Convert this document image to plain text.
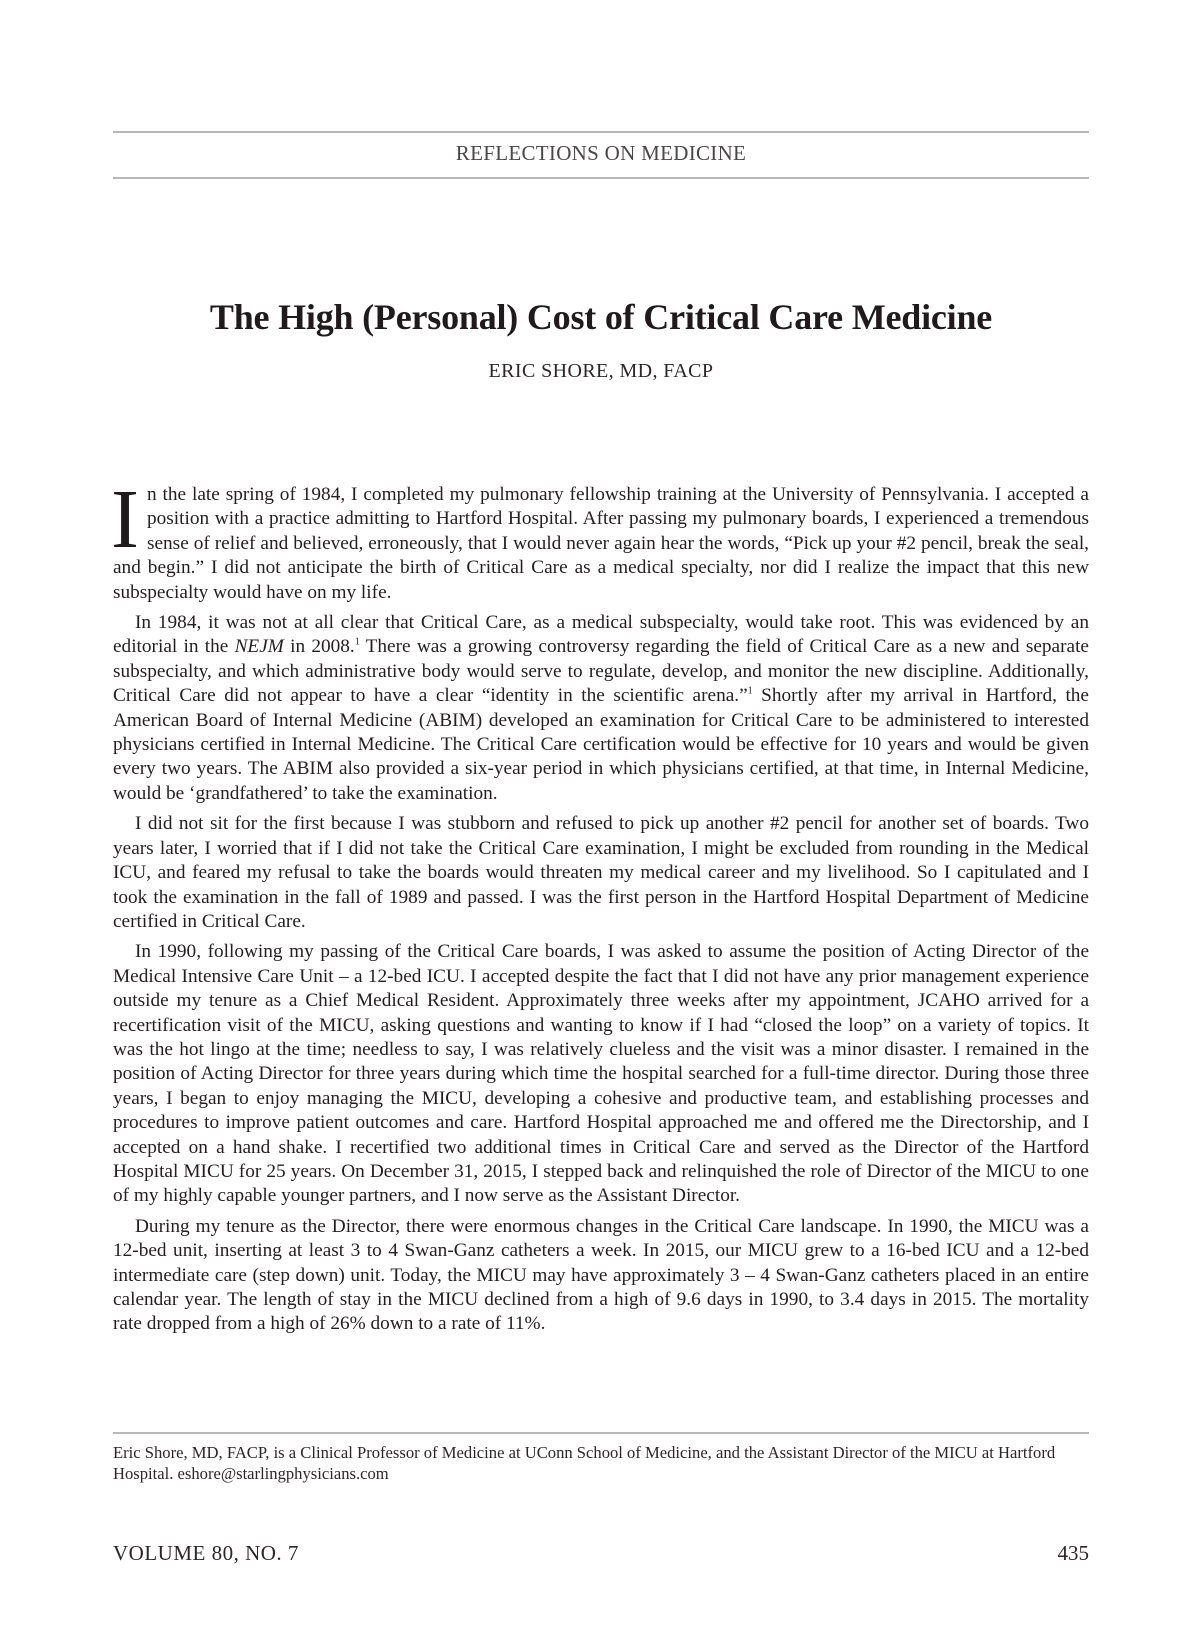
REFLECTIONS ON MEDICINE
The High (Personal) Cost of Critical Care Medicine
ERIC SHORE, MD, FACP

In the late spring of 1984, I completed my pulmonary fellowship training at the University of Pennsylvania. I accepted a position with a practice admitting to Hartford Hospital. After passing my pulmonary boards, I experienced a tremendous sense of relief and believed, erroneously, that I would never again hear the words, “Pick up your #2 pencil, break the seal, and begin.” I did not anticipate the birth of Critical Care as a medical specialty, nor did I realize the impact that this new subspecialty would have on my life.

In 1984, it was not at all clear that Critical Care, as a medical subspecialty, would take root. This was evidenced by an editorial in the NEJM in 2008.$^1$ There was a growing controversy regarding the field of Critical Care as a new and separate subspecialty, and which administrative body would serve to regulate, develop, and monitor the new discipline. Additionally, Critical Care did not appear to have a clear “identity in the scientific arena.”$^1$ Shortly after my arrival in Hartford, the American Board of Internal Medicine (ABIM) developed an examination for Critical Care to be administered to interested physicians certified in Internal Medicine. The Critical Care certification would be effective for 10 years and would be given every two years. The ABIM also provided a six-year period in which physicians certified, at that time, in Internal Medicine, would be ‘grandfathered’ to take the examination.

I did not sit for the first because I was stubborn and refused to pick up another #2 pencil for another set of boards. Two years later, I worried that if I did not take the Critical Care examination, I might be excluded from rounding in the Medical ICU, and feared my refusal to take the boards would threaten my medical career and my livelihood. So I capitulated and I took the examination in the fall of 1989 and passed. I was the first person in the Hartford Hospital Department of Medicine certified in Critical Care.

In 1990, following my passing of the Critical Care boards, I was asked to assume the position of Acting Director of the Medical Intensive Care Unit – a 12-bed ICU. I accepted despite the fact that I did not have any prior management experience outside my tenure as a Chief Medical Resident. Approximately three weeks after my appointment, JCAHO arrived for a recertification visit of the MICU, asking questions and wanting to know if I had “closed the loop” on a variety of topics. It was the hot lingo at the time; needless to say, I was relatively clueless and the visit was a minor disaster. I remained in the position of Acting Director for three years during which time the hospital searched for a full-time director. During those three years, I began to enjoy managing the MICU, developing a cohesive and productive team, and establishing processes and procedures to improve patient outcomes and care. Hartford Hospital approached me and offered me the Directorship, and I accepted on a hand shake. I recertified two additional times in Critical Care and served as the Director of the Hartford Hospital MICU for 25 years. On December 31, 2015, I stepped back and relinquished the role of Director of the MICU to one of my highly capable younger partners, and I now serve as the Assistant Director.

During my tenure as the Director, there were enormous changes in the Critical Care landscape. In 1990, the MICU was a 12-bed unit, inserting at least 3 to 4 Swan-Ganz catheters a week. In 2015, our MICU grew to a 16-bed ICU and a 12-bed intermediate care (step down) unit. Today, the MICU may have approximately 3 – 4 Swan-Ganz catheters placed in an entire calendar year. The length of stay in the MICU declined from a high of 9.6 days in 1990, to 3.4 days in 2015. The mortality rate dropped from a high of 26% down to a rate of 11%.

Eric Shore, MD, FACP, is a Clinical Professor of Medicine at UConn School of Medicine, and the Assistant Director of the MICU at Hartford Hospital. eshore@starlingphysicians.com
VOLUME 80, NO. 7	435
